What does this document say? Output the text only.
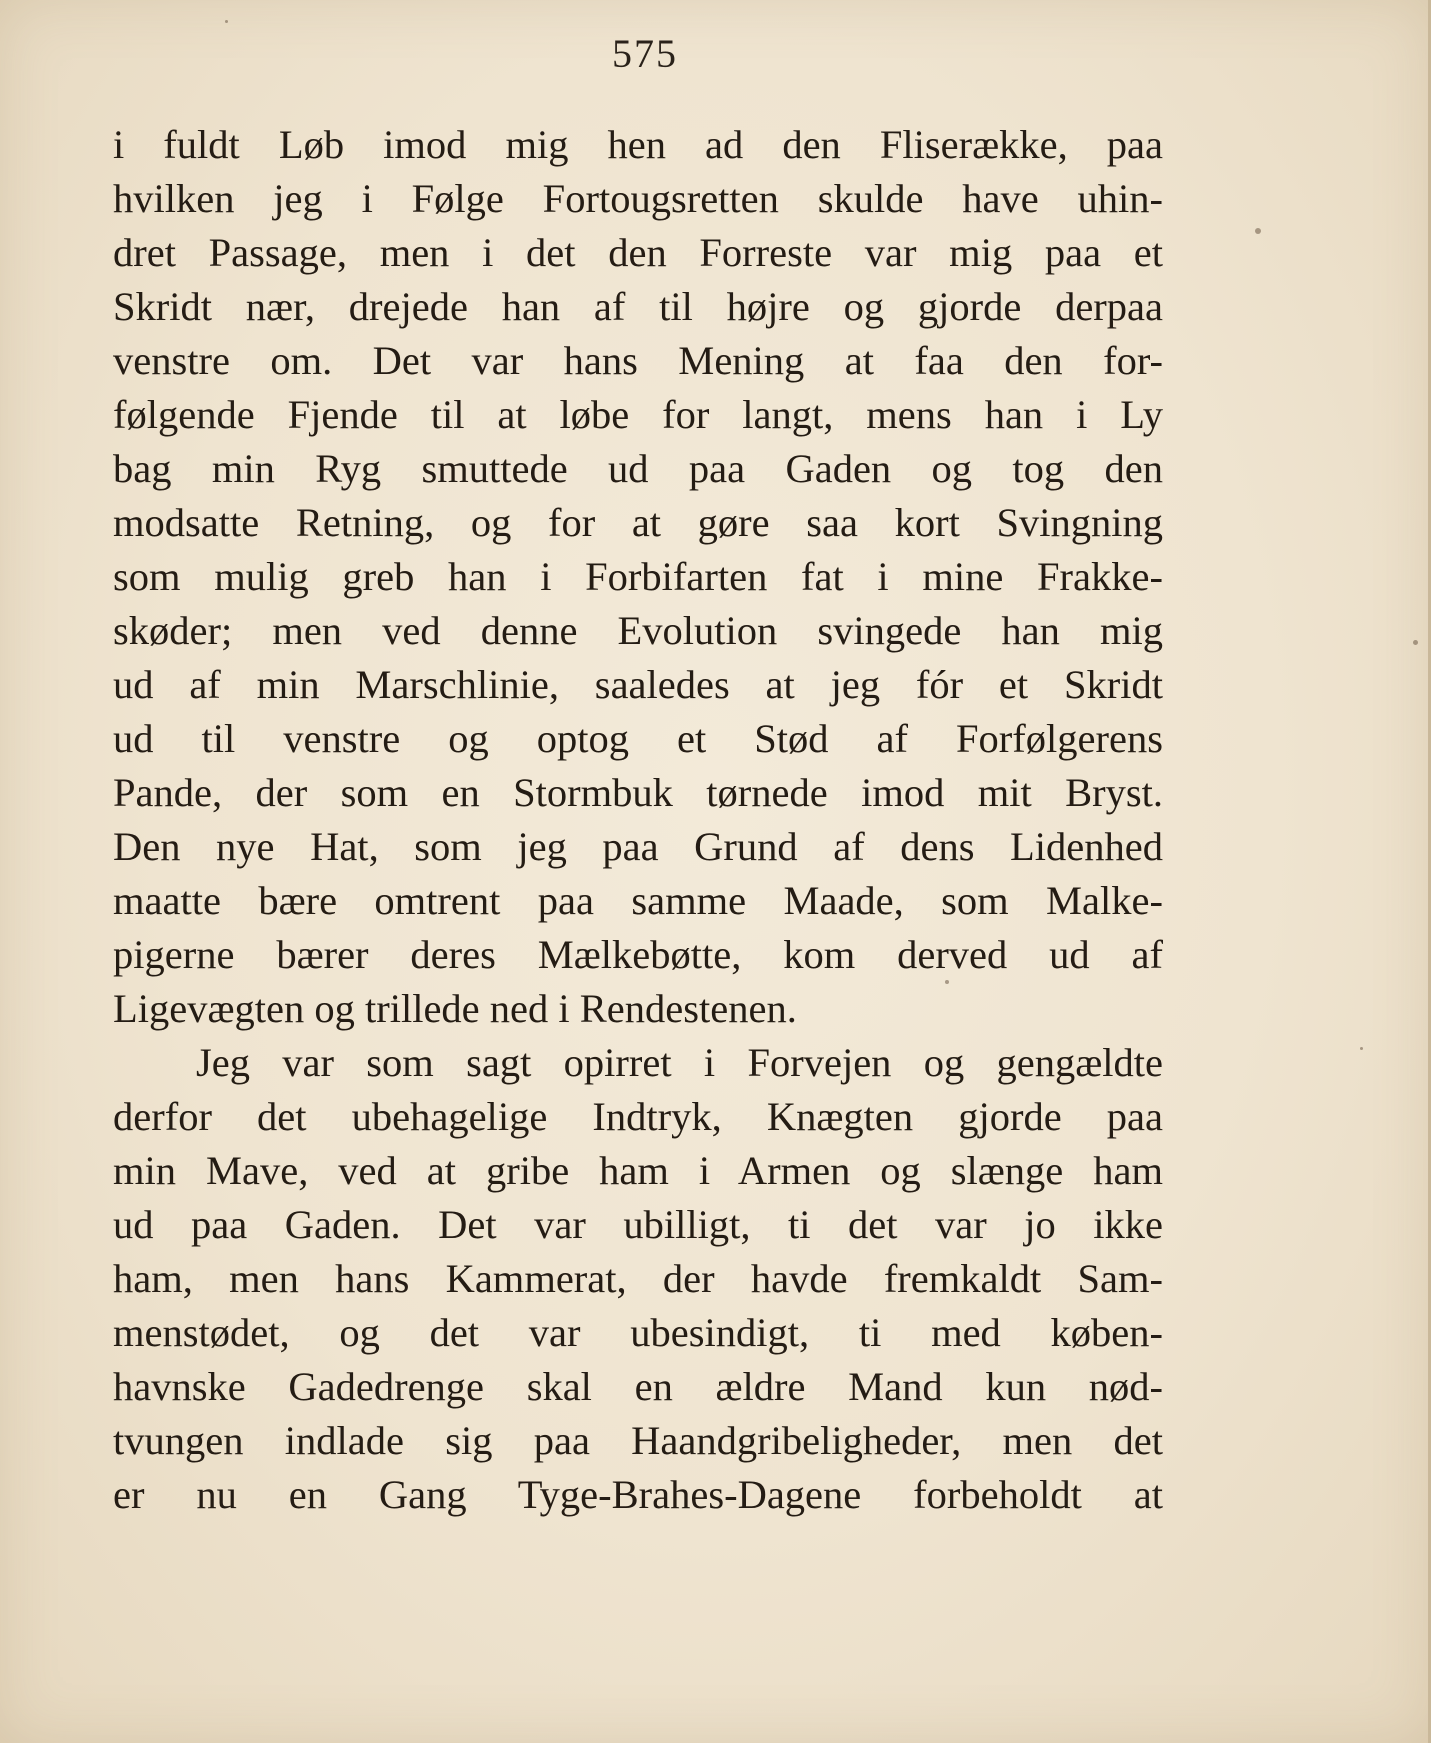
575
i fuldt Løb imod mig hen ad den Fliserække, paa
hvilken jeg i Følge Fortougsretten skulde have uhin-
dret Passage, men i det den Forreste var mig paa et
Skridt nær, drejede han af til højre og gjorde derpaa
venstre om. Det var hans Mening at faa den for-
følgende Fjende til at løbe for langt, mens han i Ly
bag min Ryg smuttede ud paa Gaden og tog den
modsatte Retning, og for at gøre saa kort Svingning
som mulig greb han i Forbifarten fat i mine Frakke-
skøder; men ved denne Evolution svingede han mig
ud af min Marschlinie, saaledes at jeg fór et Skridt
ud til venstre og optog et Stød af Forfølgerens
Pande, der som en Stormbuk tørnede imod mit Bryst.
Den nye Hat, som jeg paa Grund af dens Lidenhed
maatte bære omtrent paa samme Maade, som Malke-
pigerne bærer deres Mælkebøtte, kom derved ud af
Ligevægten og trillede ned i Rendestenen.
Jeg var som sagt opirret i Forvejen og gengældte
derfor det ubehagelige Indtryk, Knægten gjorde paa
min Mave, ved at gribe ham i Armen og slænge ham
ud paa Gaden. Det var ubilligt, ti det var jo ikke
ham, men hans Kammerat, der havde fremkaldt Sam-
menstødet, og det var ubesindigt, ti med køben-
havnske Gadedrenge skal en ældre Mand kun nød-
tvungen indlade sig paa Haandgribeligheder, men det
er nu en Gang Tyge-Brahes-Dagene forbeholdt at
